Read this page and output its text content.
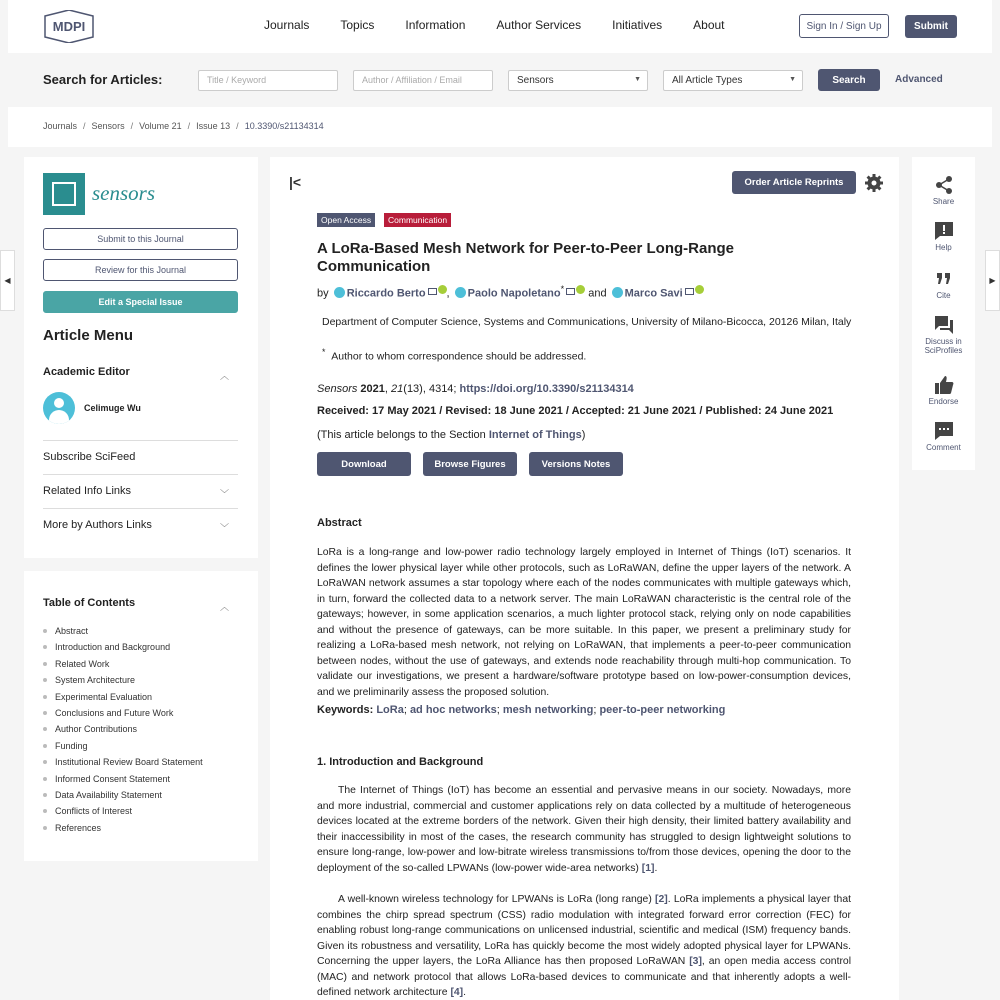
MDPI	Journals	Topics	Information	Author Services	Initiatives	About	Sign In / Sign Up	Submit
Search for Articles:	Title / Keyword	Author / Affiliation / Email	Sensors	▼	All Article Types	▼	Search	Advanced
Journals / Sensors / Volume 21 / Issue 13 / 10.3390/s21134314
sensors
Submit to this Journal
Review for this Journal
Edit a Special Issue
Article Menu
Academic Editor	︿
Celimuge Wu
Subscribe SciFeed
Related Info Links	﹀
More by Authors Links	﹀
Table of Contents	︿
Abstract
Introduction and Background
Related Work
System Architecture
Experimental Evaluation
Conclusions and Future Work
Author Contributions
Funding
Institutional Review Board Statement
Informed Consent Statement
Data Availability Statement
Conflicts of Interest
References
|<	Order Article Reprints
Open Access	Communication
A LoRa-Based Mesh Network for Peer-to-Peer Long-Range Communication
by Riccardo Berto , Paolo Napoletano* and Marco Savi
Department of Computer Science, Systems and Communications, University of Milano-Bicocca, 20126 Milan, Italy
* Author to whom correspondence should be addressed.
Sensors 2021, 21(13), 4314; https://doi.org/10.3390/s21134314
Received: 17 May 2021 / Revised: 18 June 2021 / Accepted: 21 June 2021 / Published: 24 June 2021
(This article belongs to the Section Internet of Things)
Download	Browse Figures	Versions Notes
Abstract
LoRa is a long-range and low-power radio technology largely employed in Internet of Things (IoT) scenarios. It defines the lower physical layer while other protocols, such as LoRaWAN, define the upper layers of the network. A LoRaWAN network assumes a star topology where each of the nodes communicates with multiple gateways which, in turn, forward the collected data to a network server. The main LoRaWAN characteristic is the central role of the gateways; however, in some application scenarios, a much lighter protocol stack, relying only on node capabilities and without the presence of gateways, can be more suitable. In this paper, we present a preliminary study for realizing a LoRa-based mesh network, not relying on LoRaWAN, that implements a peer-to-peer communication between nodes, without the use of gateways, and extends node reachability through multi-hop communication. To validate our investigations, we present a hardware/software prototype based on low-power-consumption devices, and we preliminarily assess the proposed solution.
Keywords: LoRa; ad hoc networks; mesh networking; peer-to-peer networking
1. Introduction and Background
The Internet of Things (IoT) has become an essential and pervasive means in our society. Nowadays, more and more industrial, commercial and customer applications rely on data collected by a multitude of heterogeneous devices located at the extreme borders of the network. Given their high density, their limited battery availability and their inaccessibility in most of the cases, the research community has struggled to design lightweight solutions to ensure long-range, low-power and low-bitrate wireless transmissions to/from those devices, opening the door to the deployment of the so-called LPWANs (low-power wide-area networks) [1].
A well-known wireless technology for LPWANs is LoRa (long range) [2]. LoRa implements a physical layer that combines the chirp spread spectrum (CSS) radio modulation with integrated forward error correction (FEC) for enabling robust long-range communications on unlicensed industrial, scientific and medical (ISM) frequency bands. Given its robustness and versatility, LoRa has quickly become the most widely adopted physical layer for LPWANs. Concerning the upper layers, the LoRa Alliance has then proposed LoRaWAN [3], an open media access control (MAC) and network protocol that allows LoRa-based devices to communicate and that inherently adopts a well-defined network architecture [4].
Share
Help
Cite
Discuss in SciProfiles
Endorse
Comment
◀	▶
